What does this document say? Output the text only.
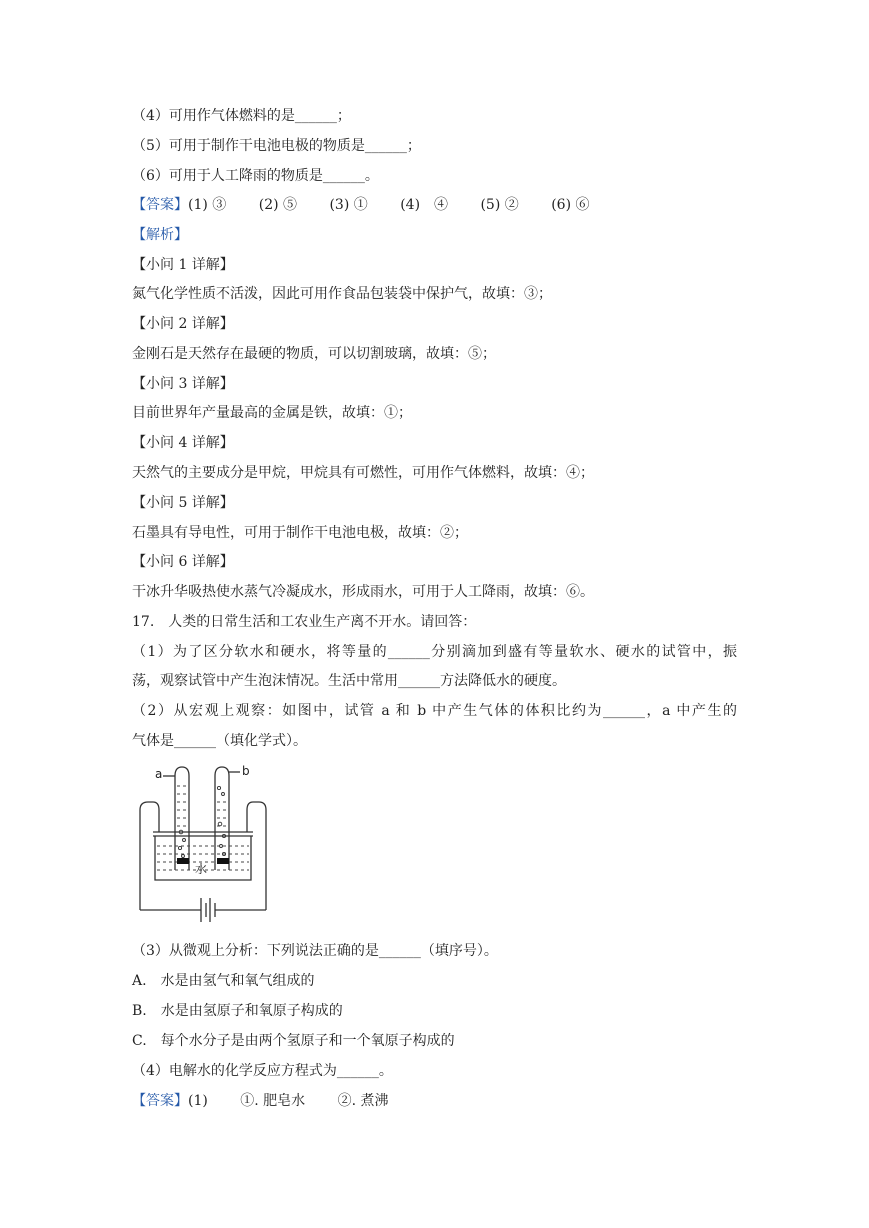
（4）可用作气体燃料的是______；
（5）可用于制作干电池电极的物质是______；
（6）可用于人工降雨的物质是______。
【答案】(1) ③　　 (2) ⑤　　 (3) ①　　 (4)　④　　 (5) ②　　 (6) ⑥
【解析】
【小问 1 详解】
氮气化学性质不活泼，因此可用作食品包装袋中保护气，故填：③；
【小问 2 详解】
金刚石是天然存在最硬的物质，可以切割玻璃，故填：⑤；
【小问 3 详解】
目前世界年产量最高的金属是铁，故填：①；
【小问 4 详解】
天然气的主要成分是甲烷，甲烷具有可燃性，可用作气体燃料，故填：④；
【小问 5 详解】
石墨具有导电性，可用于制作干电池电极，故填：②；
【小问 6 详解】
干冰升华吸热使水蒸气冷凝成水，形成雨水，可用于人工降雨，故填：⑥。
17.　人类的日常生活和工农业生产离不开水。请回答：
（1）为了区分软水和硬水，将等量的______分别滴加到盛有等量软水、硬水的试管中，振
荡，观察试管中产生泡沫情况。生活中常用______方法降低水的硬度。
（2）从宏观上观察：如图中，试管 a 和 b 中产生气体的体积比约为______，a 中产生的
气体是______（填化学式）。
a	b
水
（3）从微观上分析：下列说法正确的是______（填序号）。
A.　水是由氢气和氧气组成的
B.　水是由氢原子和氧原子构成的
C.　每个水分子是由两个氢原子和一个氧原子构成的
（4）电解水的化学反应方程式为______。
【答案】(1)　　 ①. 肥皂水　　 ②. 煮沸
